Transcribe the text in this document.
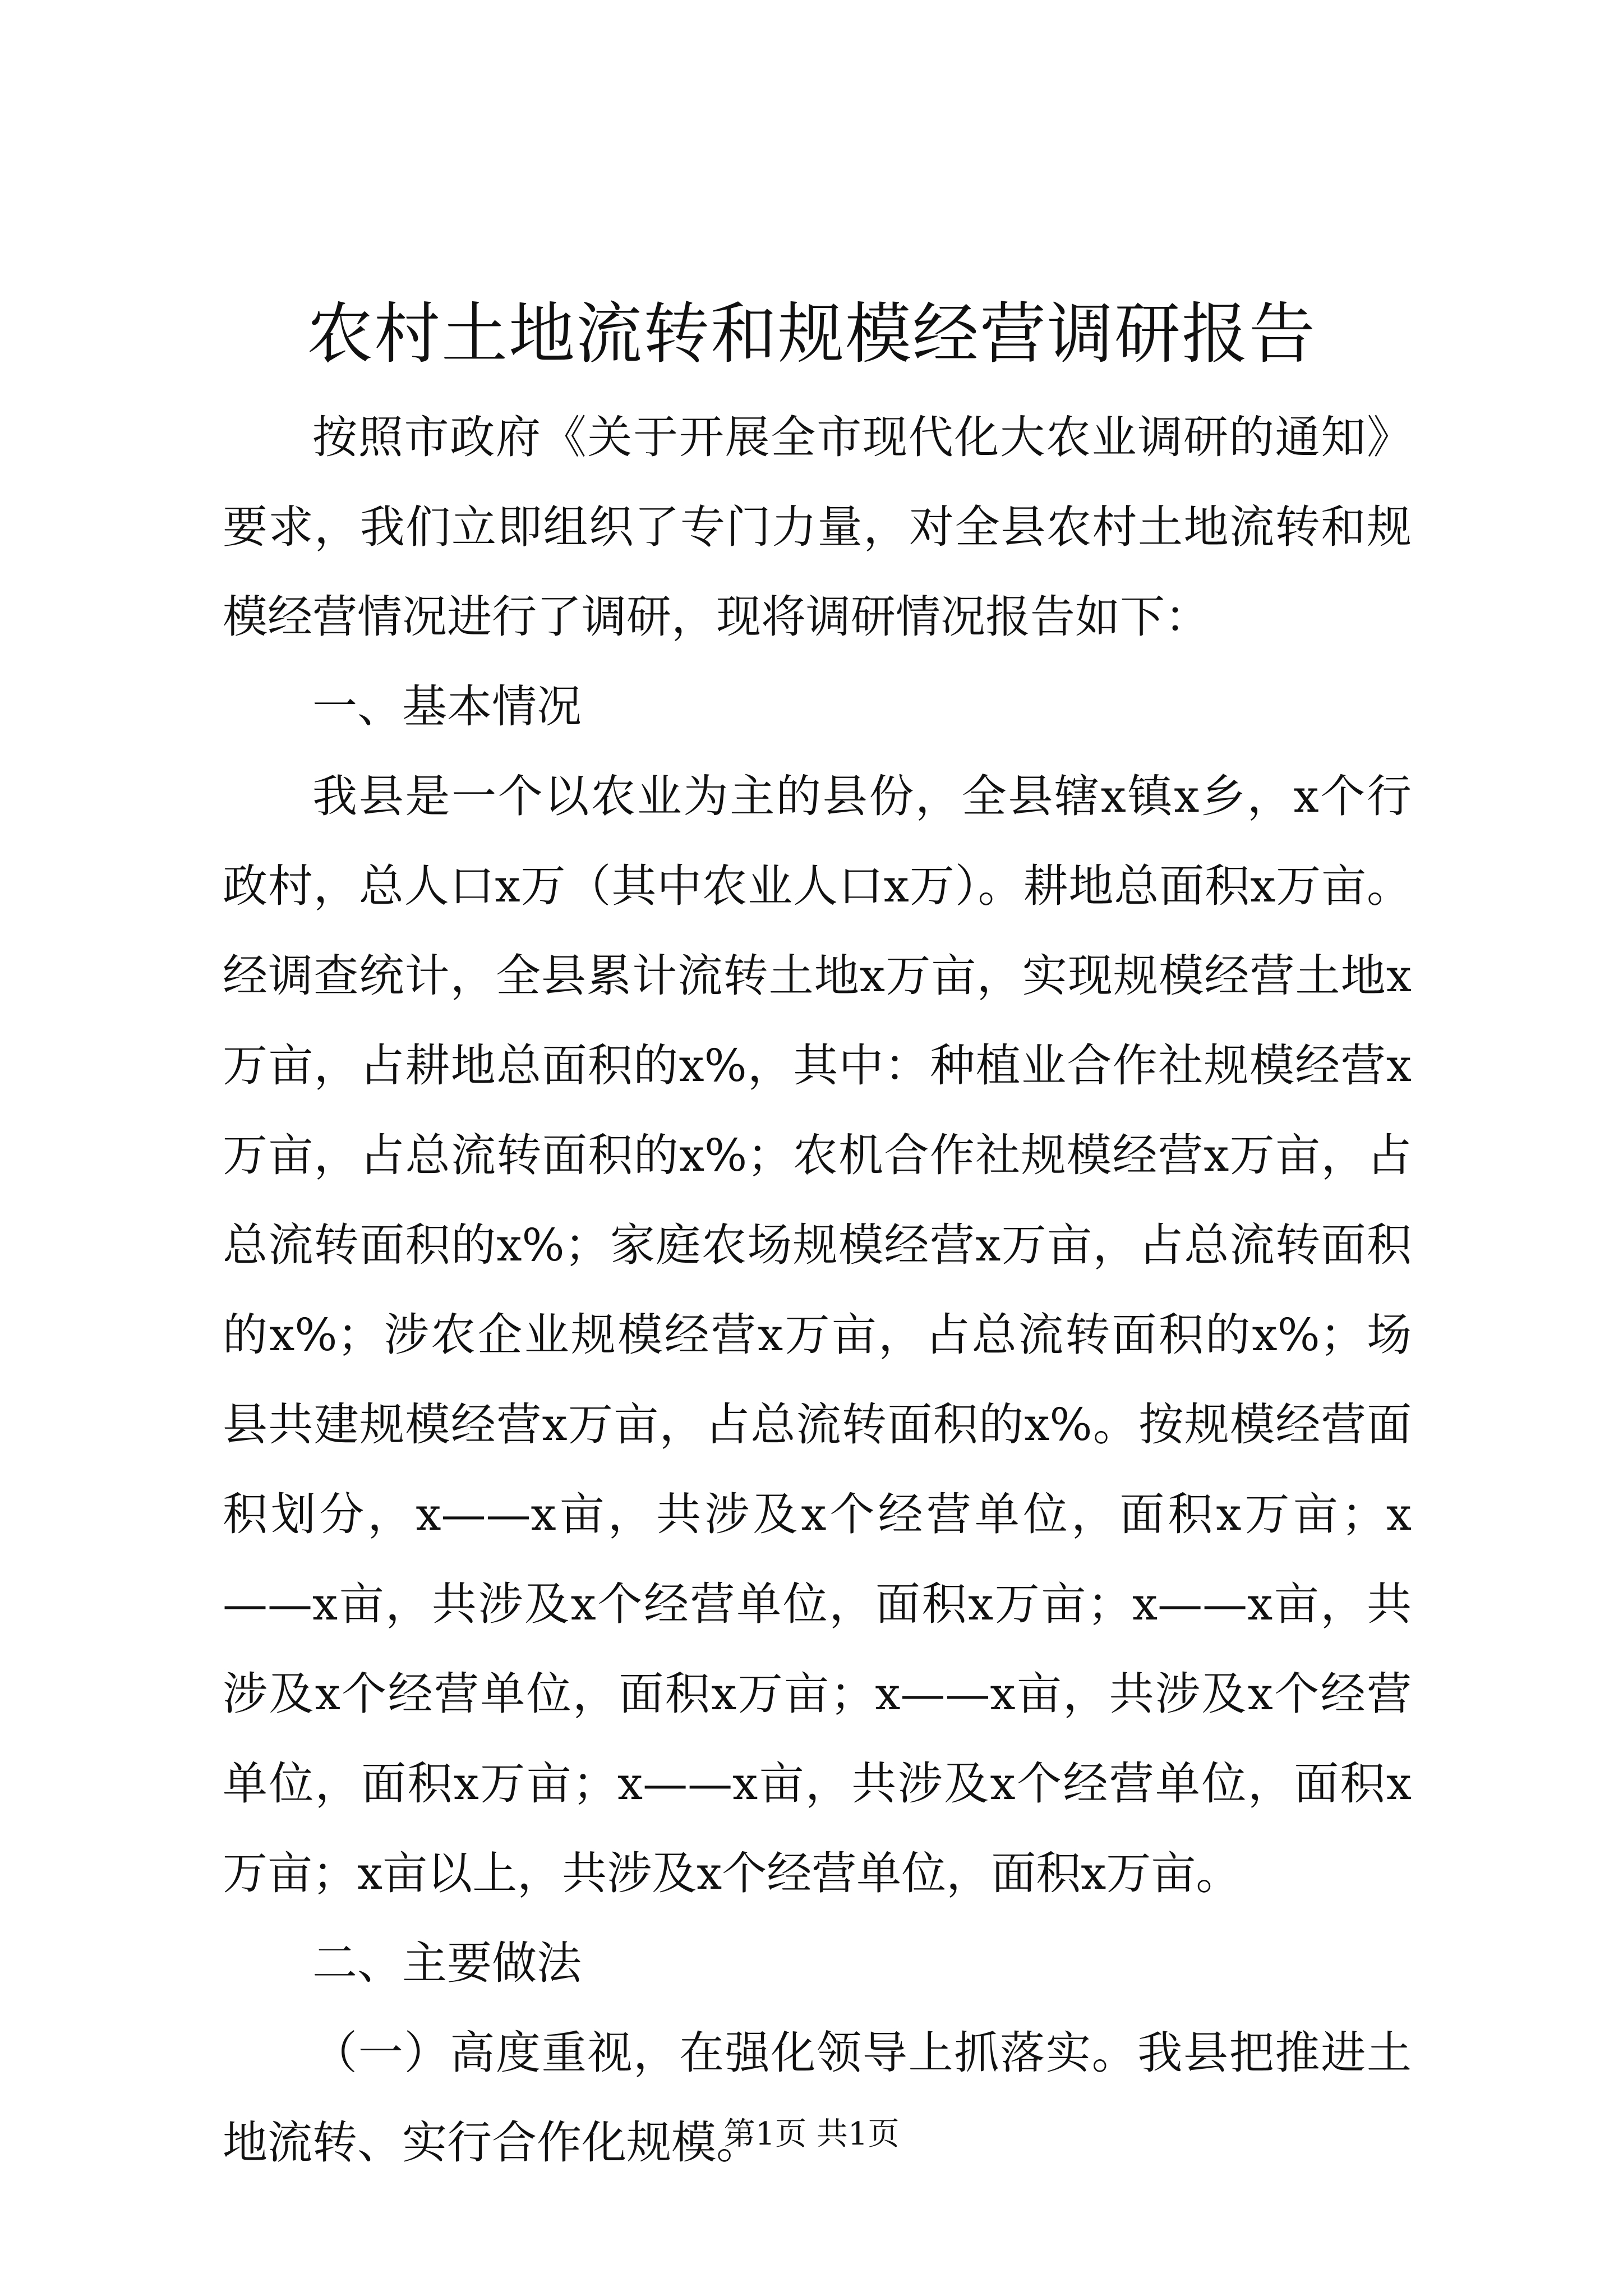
农村土地流转和规模经营调研报告

按照市政府《关于开展全市现代化大农业调研的通知》要求，我们立即组织了专门力量，对全县农村土地流转和规模经营情况进行了调研，现将调研情况报告如下：

一、基本情况

我县是一个以农业为主的县份，全县辖x镇x乡，x个行政村，总人口x万（其中农业人口x万）。耕地总面积x万亩。经调查统计，全县累计流转土地x万亩，实现规模经营土地x万亩，占耕地总面积的x%，其中：种植业合作社规模经营x万亩，占总流转面积的x%；农机合作社规模经营x万亩，占总流转面积的x%；家庭农场规模经营x万亩，占总流转面积的x%；涉农企业规模经营x万亩，占总流转面积的x%；场县共建规模经营x万亩，占总流转面积的x%。按规模经营面积划分，x——x亩，共涉及x个经营单位，面积x万亩；x——x亩，共涉及x个经营单位，面积x万亩；x——x亩，共涉及x个经营单位，面积x万亩；x——x亩，共涉及x个经营单位，面积x万亩；x——x亩，共涉及x个经营单位，面积x万亩；x亩以上，共涉及x个经营单位，面积x万亩。

二、主要做法

（一）高度重视，在强化领导上抓落实。我县把推进土地流转、实行合作化规模。

第1页 共1页
